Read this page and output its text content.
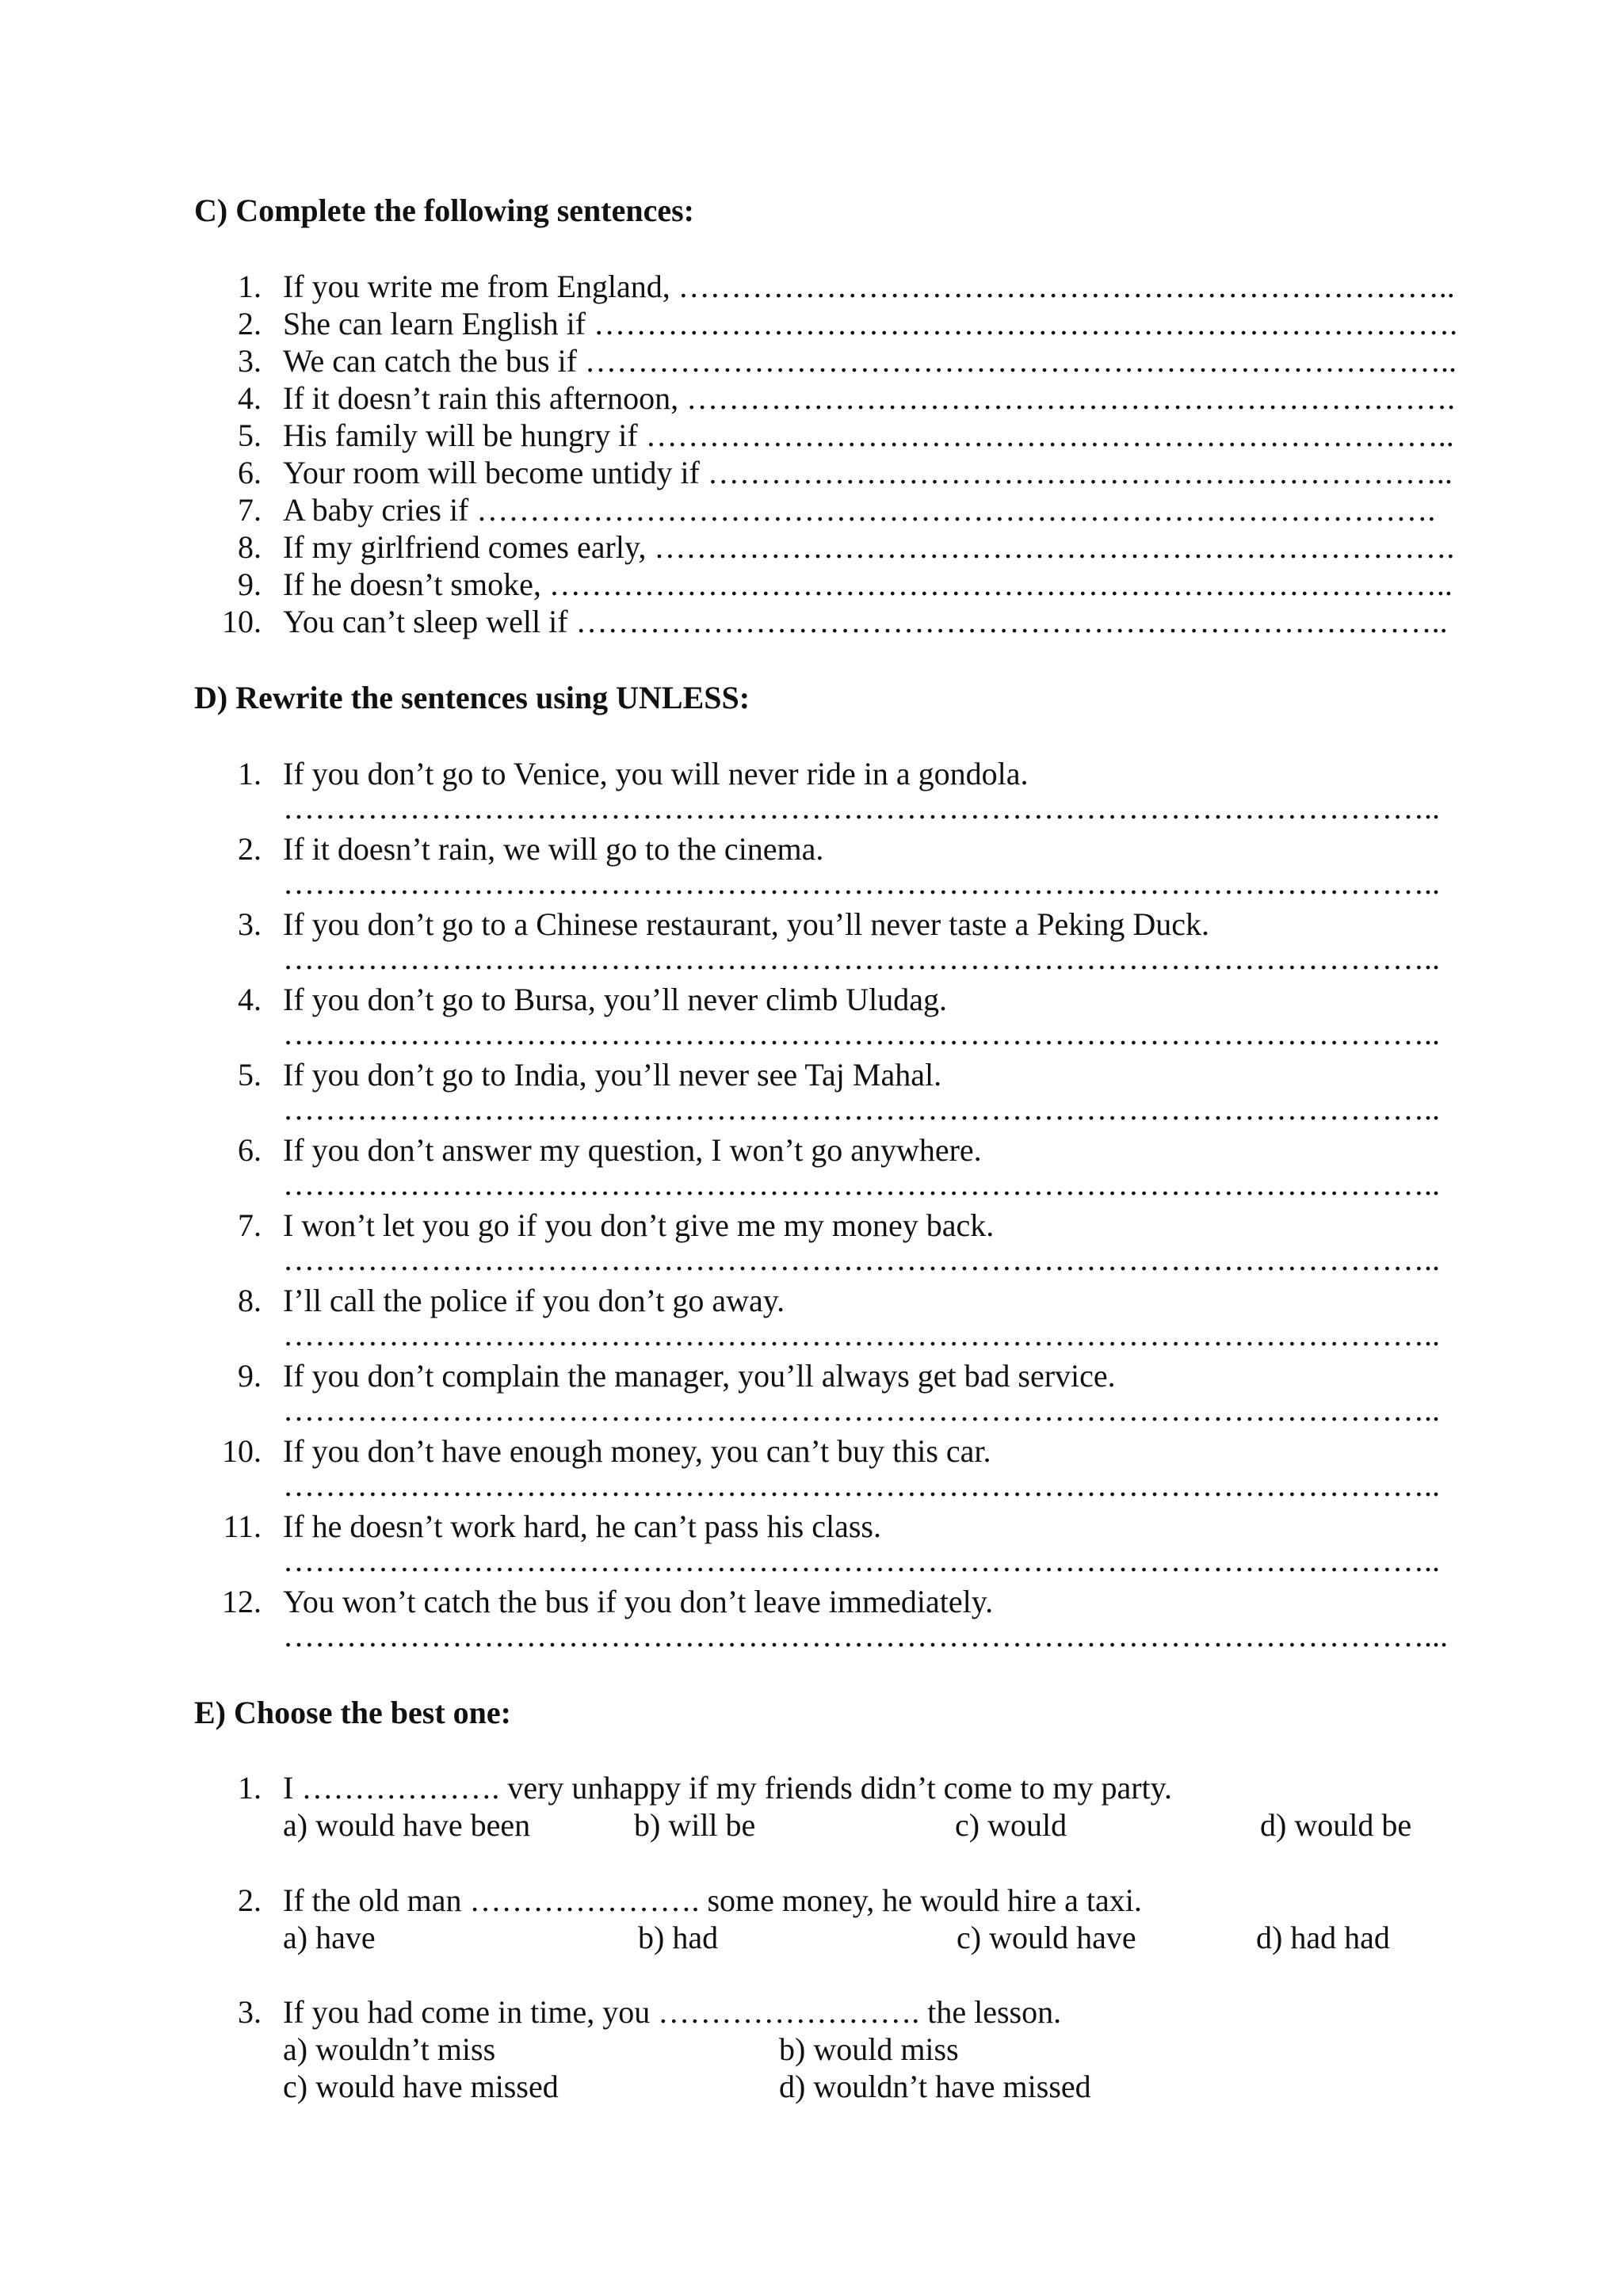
C) Complete the following sentences:
1. If you write me from England, ………………………………………………………………..
2. She can learn English if ……………………………………………………………………….
3. We can catch the bus if ………………………………………………………………………..
4. If it doesn’t rain this afternoon, ……………………………………………………………….
5. His family will be hungry if …………………………………………………………………..
6. Your room will become untidy if ……………………………………………………………..
7. A baby cries if ……………………………………………………………………………….
8. If my girlfriend comes early, ………………………………………………………………….
9. If he doesn’t smoke, …………………………………………………………………………..
10. You can’t sleep well if ………………………………………………………………………..
D) Rewrite the sentences using UNLESS:
1. If you don’t go to Venice, you will never ride in a gondola.
………………………………………………………………………………………………..
2. If it doesn’t rain, we will go to the cinema.
………………………………………………………………………………………………..
3. If you don’t go to a Chinese restaurant, you’ll never taste a Peking Duck.
………………………………………………………………………………………………..
4. If you don’t go to Bursa, you’ll never climb Uludag.
………………………………………………………………………………………………..
5. If you don’t go to India, you’ll never see Taj Mahal.
………………………………………………………………………………………………..
6. If you don’t answer my question, I won’t go anywhere.
………………………………………………………………………………………………..
7. I won’t let you go if you don’t give me my money back.
………………………………………………………………………………………………..
8. I’ll call the police if you don’t go away.
………………………………………………………………………………………………..
9. If you don’t complain the manager, you’ll always get bad service.
………………………………………………………………………………………………..
10. If you don’t have enough money, you can’t buy this car.
………………………………………………………………………………………………..
11. If he doesn’t work hard, he can’t pass his class.
………………………………………………………………………………………………..
12. You won’t catch the bus if you don’t leave immediately.
………………………………………………………………………………………………...
E) Choose the best one:
1. I ………………. very unhappy if my friends didn’t come to my party.
a) would have been	b) will be	c) would	d) would be
2. If the old man …………………. some money, he would hire a taxi.
a) have	b) had	c) would have	d) had had
3. If you had come in time, you ……………………. the lesson.
a) wouldn’t miss	b) would miss
c) would have missed	d) wouldn’t have missed
